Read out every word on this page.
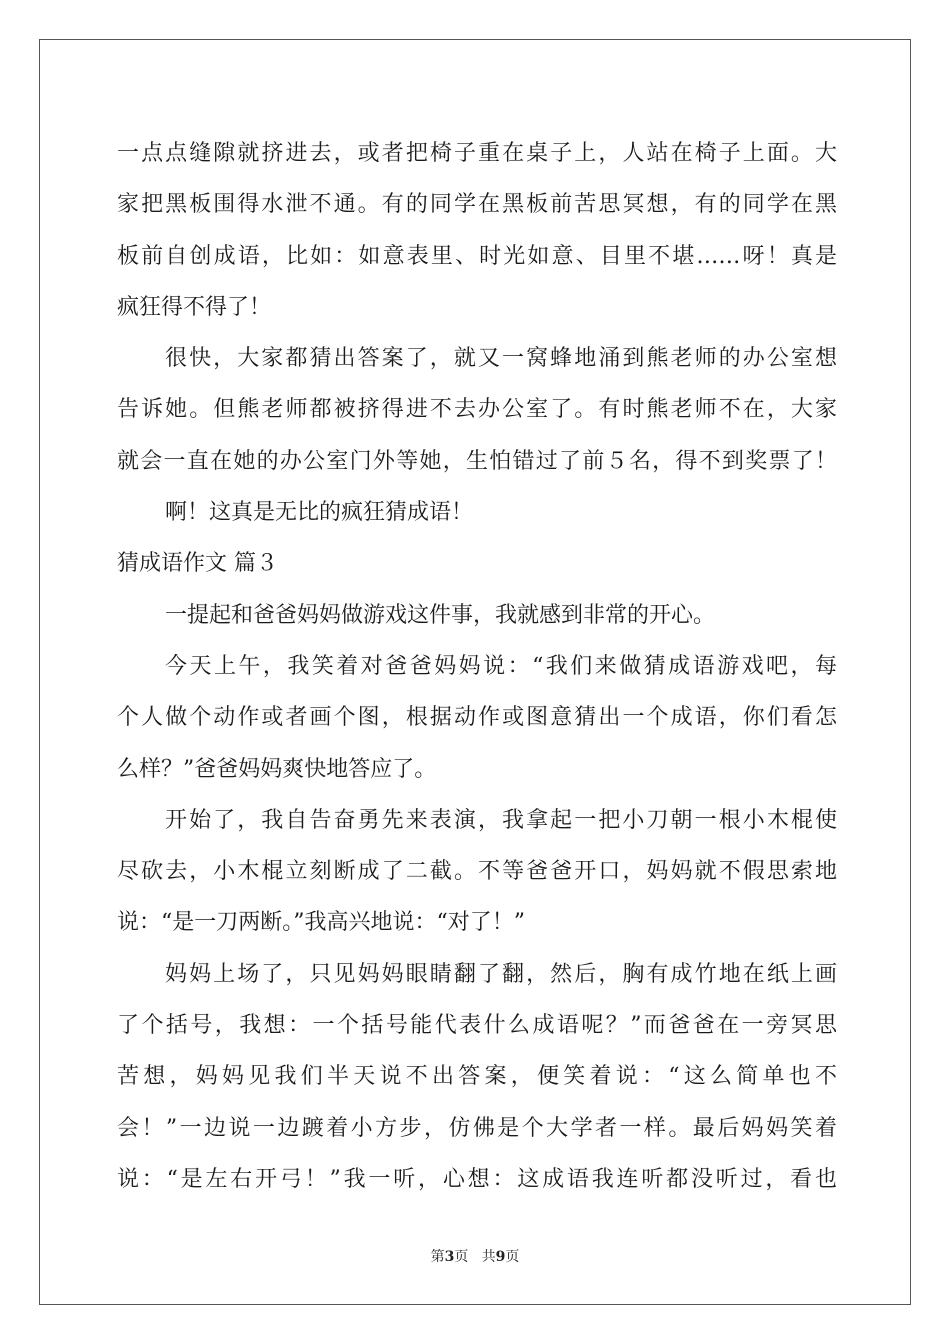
一点点缝隙就挤进去，或者把椅子重在桌子上，人站在椅子上面。大

家把黑板围得水泄不通。有的同学在黑板前苦思冥想，有的同学在黑

板前自创成语，比如：如意表里、时光如意、目里不堪……呀！真是

疯狂得不得了！

很快，大家都猜出答案了，就又一窝蜂地涌到熊老师的办公室想

告诉她。但熊老师都被挤得进不去办公室了。有时熊老师不在，大家

就会一直在她的办公室门外等她，生怕错过了前５名，得不到奖票了！

啊！这真是无比的疯狂猜成语！

猜成语作文 篇３

一提起和爸爸妈妈做游戏这件事，我就感到非常的开心。

今天上午，我笑着对爸爸妈妈说：“我们来做猜成语游戏吧，每

个人做个动作或者画个图，根据动作或图意猜出一个成语，你们看怎

么样？”爸爸妈妈爽快地答应了。

开始了，我自告奋勇先来表演，我拿起一把小刀朝一根小木棍使

尽砍去，小木棍立刻断成了二截。不等爸爸开口，妈妈就不假思索地

说：“是一刀两断。”我高兴地说：“对了！”

妈妈上场了，只见妈妈眼睛翻了翻，然后，胸有成竹地在纸上画

了个括号，我想：一个括号能代表什么成语呢？”而爸爸在一旁冥思

苦想，妈妈见我们半天说不出答案，便笑着说：“这么简单也不

会！”一边说一边踱着小方步，仿佛是个大学者一样。最后妈妈笑着

说：“是左右开弓！”我一听，心想：这成语我连听都没听过，看也

第3页 共9页
